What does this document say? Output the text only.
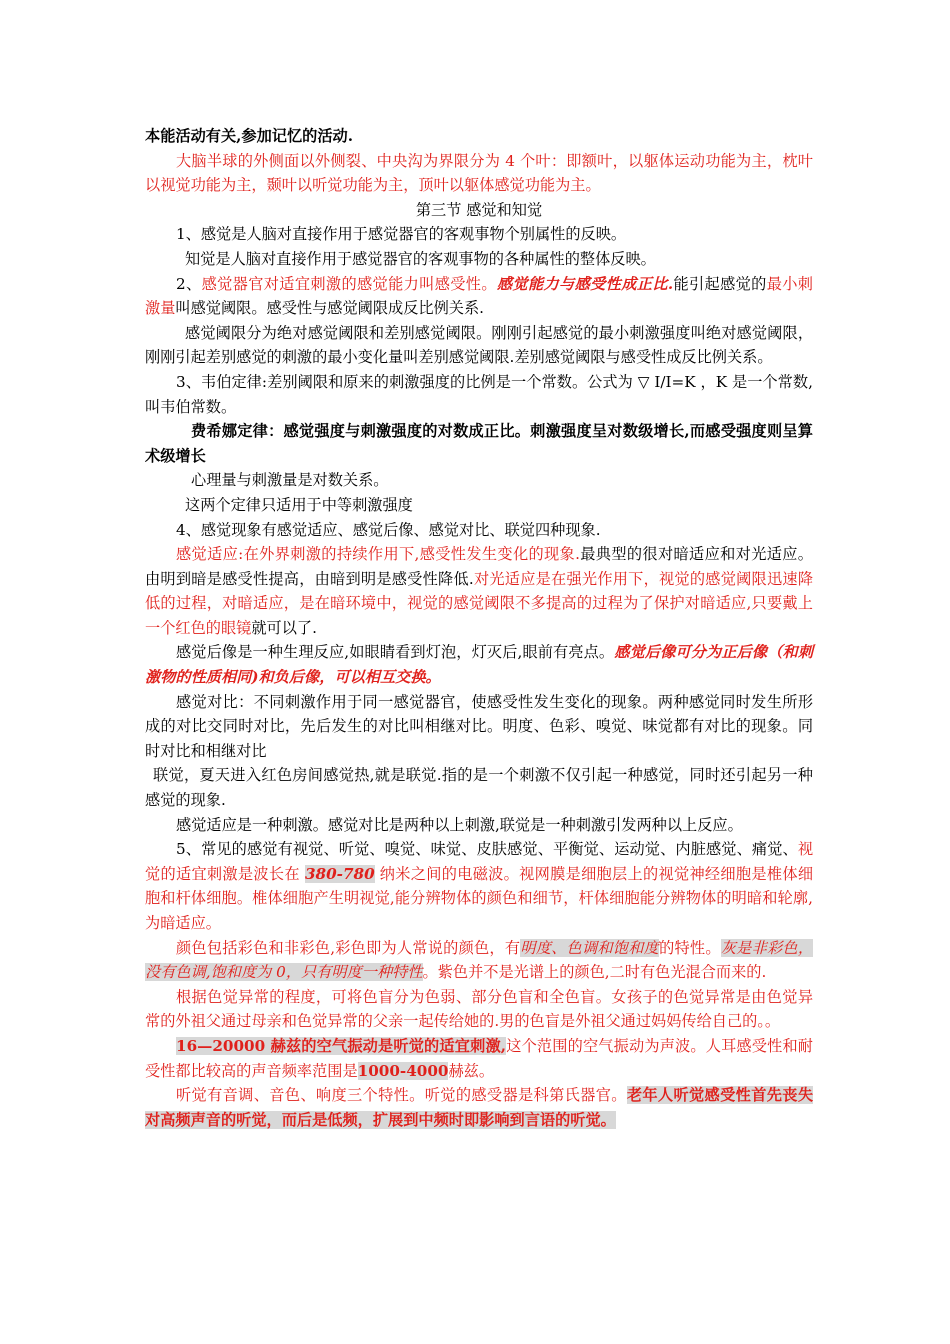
本能活动有关,参加记忆的活动.

大脑半球的外侧面以外侧裂、中央沟为界限分为 4 个叶：即额叶，以躯体运动功能为主，枕叶以视觉功能为主，颞叶以听觉功能为主，顶叶以躯体感觉功能为主。

第三节 感觉和知觉

1、感觉是人脑对直接作用于感觉器官的客观事物个别属性的反映。

知觉是人脑对直接作用于感觉器官的客观事物的各种属性的整体反映。

2、感觉器官对适宜刺激的感觉能力叫感受性。感觉能力与感受性成正比.能引起感觉的最小刺激量叫感觉阈限。感受性与感觉阈限成反比例关系.

感觉阈限分为绝对感觉阈限和差别感觉阈限。刚刚引起感觉的最小刺激强度叫绝对感觉阈限，刚刚引起差别感觉的刺激的最小变化量叫差别感觉阈限.差别感觉阈限与感受性成反比例关系。

3、韦伯定律:差别阈限和原来的刺激强度的比例是一个常数。公式为 ▽ I/I=K ，K 是一个常数,叫韦伯常数。

费希娜定律：感觉强度与刺激强度的对数成正比。刺激强度呈对数级增长,而感受强度则呈算术级增长

心理量与刺激量是对数关系。

这两个定律只适用于中等刺激强度

4、感觉现象有感觉适应、感觉后像、感觉对比、联觉四种现象.

感觉适应:在外界刺激的持续作用下,感受性发生变化的现象.最典型的很对暗适应和对光适应。由明到暗是感受性提高，由暗到明是感受性降低.对光适应是在强光作用下，视觉的感觉阈限迅速降低的过程，对暗适应，是在暗环境中，视觉的感觉阈限不多提高的过程为了保护对暗适应,只要戴上一个红色的眼镜就可以了.

感觉后像是一种生理反应,如眼睛看到灯泡，灯灭后,眼前有亮点。感觉后像可分为正后像（和刺激物的性质相同)和负后像，可以相互交换。

感觉对比：不同刺激作用于同一感觉器官，使感受性发生变化的现象。两种感觉同时发生所形成的对比交同时对比，先后发生的对比叫相继对比。明度、色彩、嗅觉、味觉都有对比的现象。同时对比和相继对比

联觉，夏天进入红色房间感觉热,就是联觉.指的是一个刺激不仅引起一种感觉，同时还引起另一种感觉的现象.

感觉适应是一种刺激。感觉对比是两种以上刺激,联觉是一种刺激引发两种以上反应。

5、常见的感觉有视觉、听觉、嗅觉、味觉、皮肤感觉、平衡觉、运动觉、内脏感觉、痛觉、视觉的适宜刺激是波长在 380-780 纳米之间的电磁波。视网膜是细胞层上的视觉神经细胞是椎体细胞和杆体细胞。椎体细胞产生明视觉,能分辨物体的颜色和细节，杆体细胞能分辨物体的明暗和轮廓,为暗适应。

颜色包括彩色和非彩色,彩色即为人常说的颜色，有明度、色调和饱和度的特性。灰是非彩色，没有色调,饱和度为 0，只有明度一种特性。紫色并不是光谱上的颜色,二时有色光混合而来的.

根据色觉异常的程度，可将色盲分为色弱、部分色盲和全色盲。女孩子的色觉异常是由色觉异常的外祖父通过母亲和色觉异常的父亲一起传给她的.男的色盲是外祖父通过妈妈传给自己的。。

16—20000 赫兹的空气振动是听觉的适宜刺激,这个范围的空气振动为声波。人耳感受性和耐受性都比较高的声音频率范围是1000-4000赫兹。

听觉有音调、音色、响度三个特性。听觉的感受器是科第氏器官。老年人听觉感受性首先丧失对高频声音的听觉，而后是低频，扩展到中频时即影响到言语的听觉。
